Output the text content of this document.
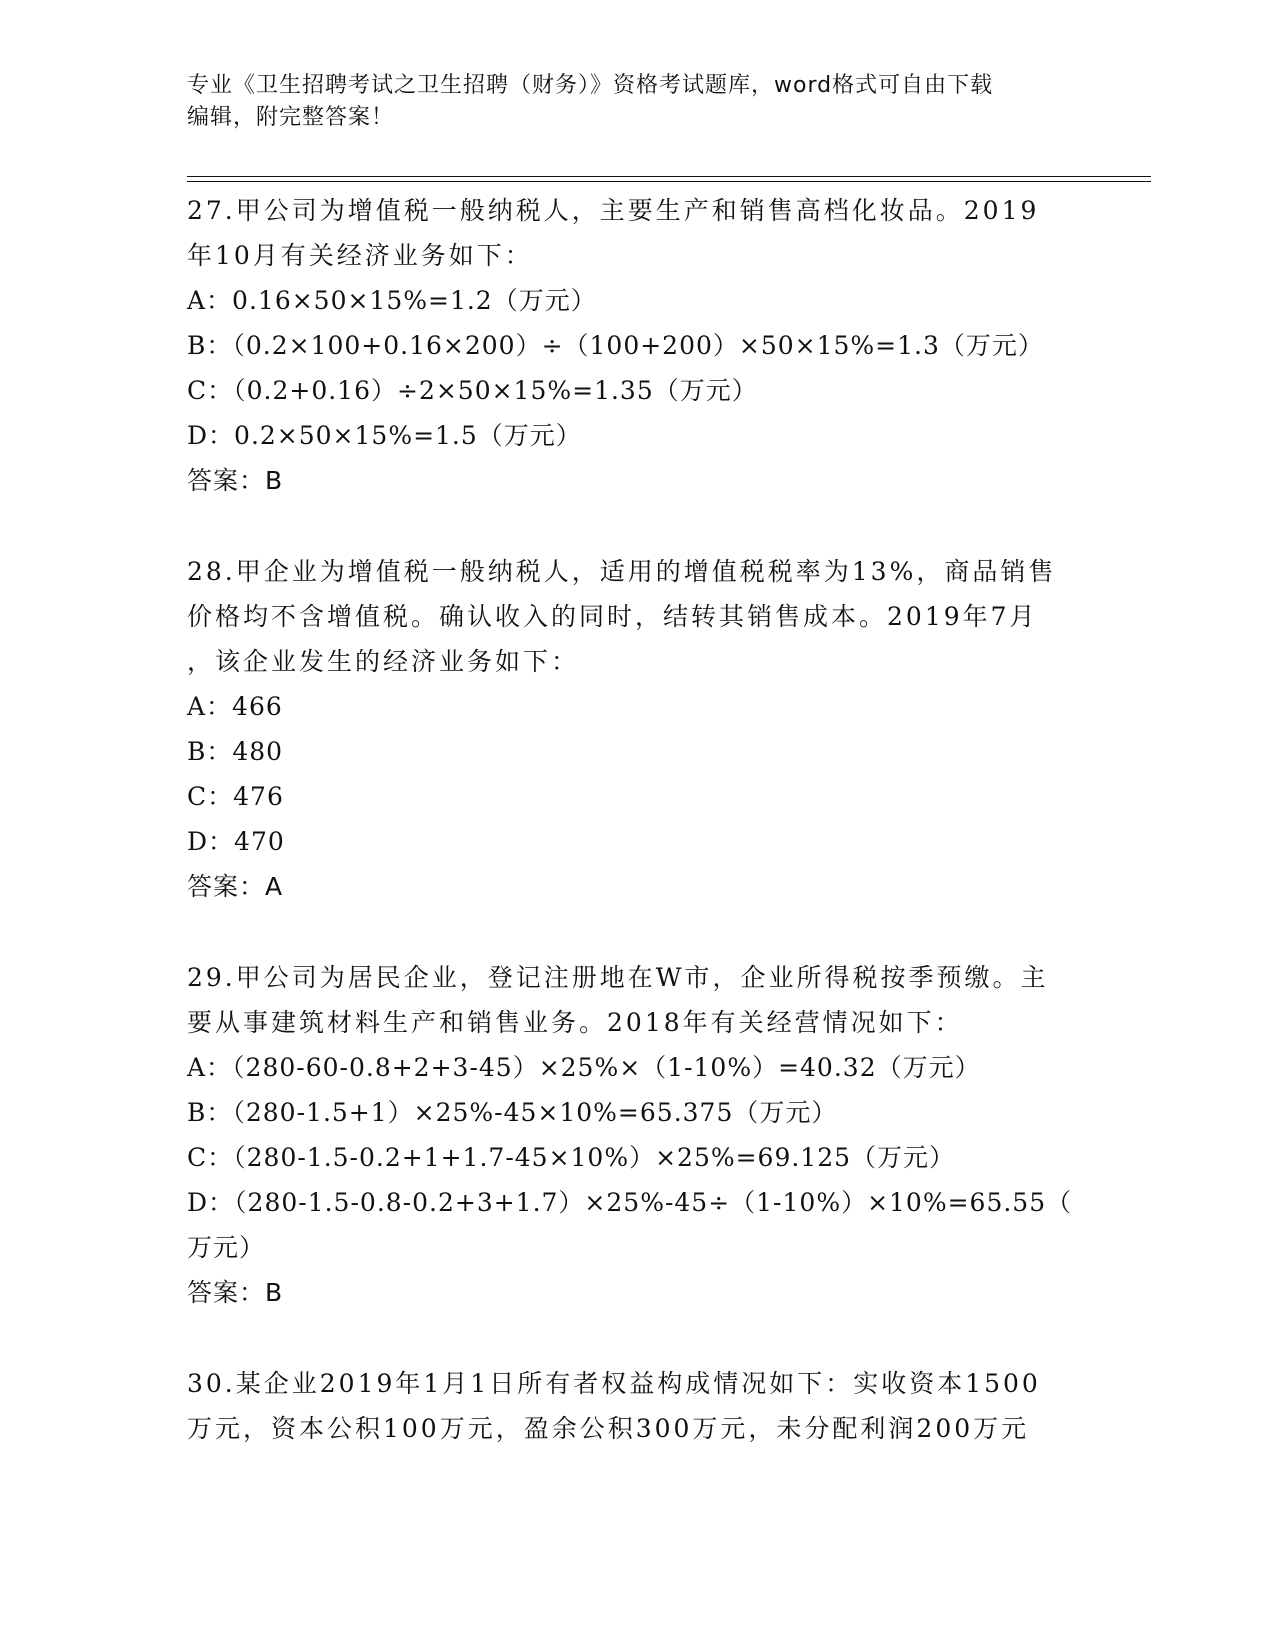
专业《卫生招聘考试之卫生招聘（财务）》资格考试题库，word格式可自由下载
编辑，附完整答案！
27.甲公司为增值税一般纳税人，主要生产和销售高档化妆品。2019
年10月有关经济业务如下：
A：0.16×50×15%=1.2（万元）
B：（0.2×100+0.16×200）÷（100+200）×50×15%=1.3（万元）
C：（0.2+0.16）÷2×50×15%=1.35（万元）
D：0.2×50×15%=1.5（万元）
答案：B
28.甲企业为增值税一般纳税人，适用的增值税税率为13%，商品销售
价格均不含增值税。确认收入的同时，结转其销售成本。2019年7月
，该企业发生的经济业务如下：
A：466
B：480
C：476
D：470
答案：A
29.甲公司为居民企业，登记注册地在W市，企业所得税按季预缴。主
要从事建筑材料生产和销售业务。2018年有关经营情况如下：
A：（280-60-0.8+2+3-45）×25%×（1-10%）=40.32（万元）
B：（280-1.5+1）×25%-45×10%=65.375（万元）
C：（280-1.5-0.2+1+1.7-45×10%）×25%=69.125（万元）
D：（280-1.5-0.8-0.2+3+1.7）×25%-45÷（1-10%）×10%=65.55（
万元）
答案：B
30.某企业2019年1月1日所有者权益构成情况如下：实收资本1500
万元，资本公积100万元，盈余公积300万元，未分配利润200万元
